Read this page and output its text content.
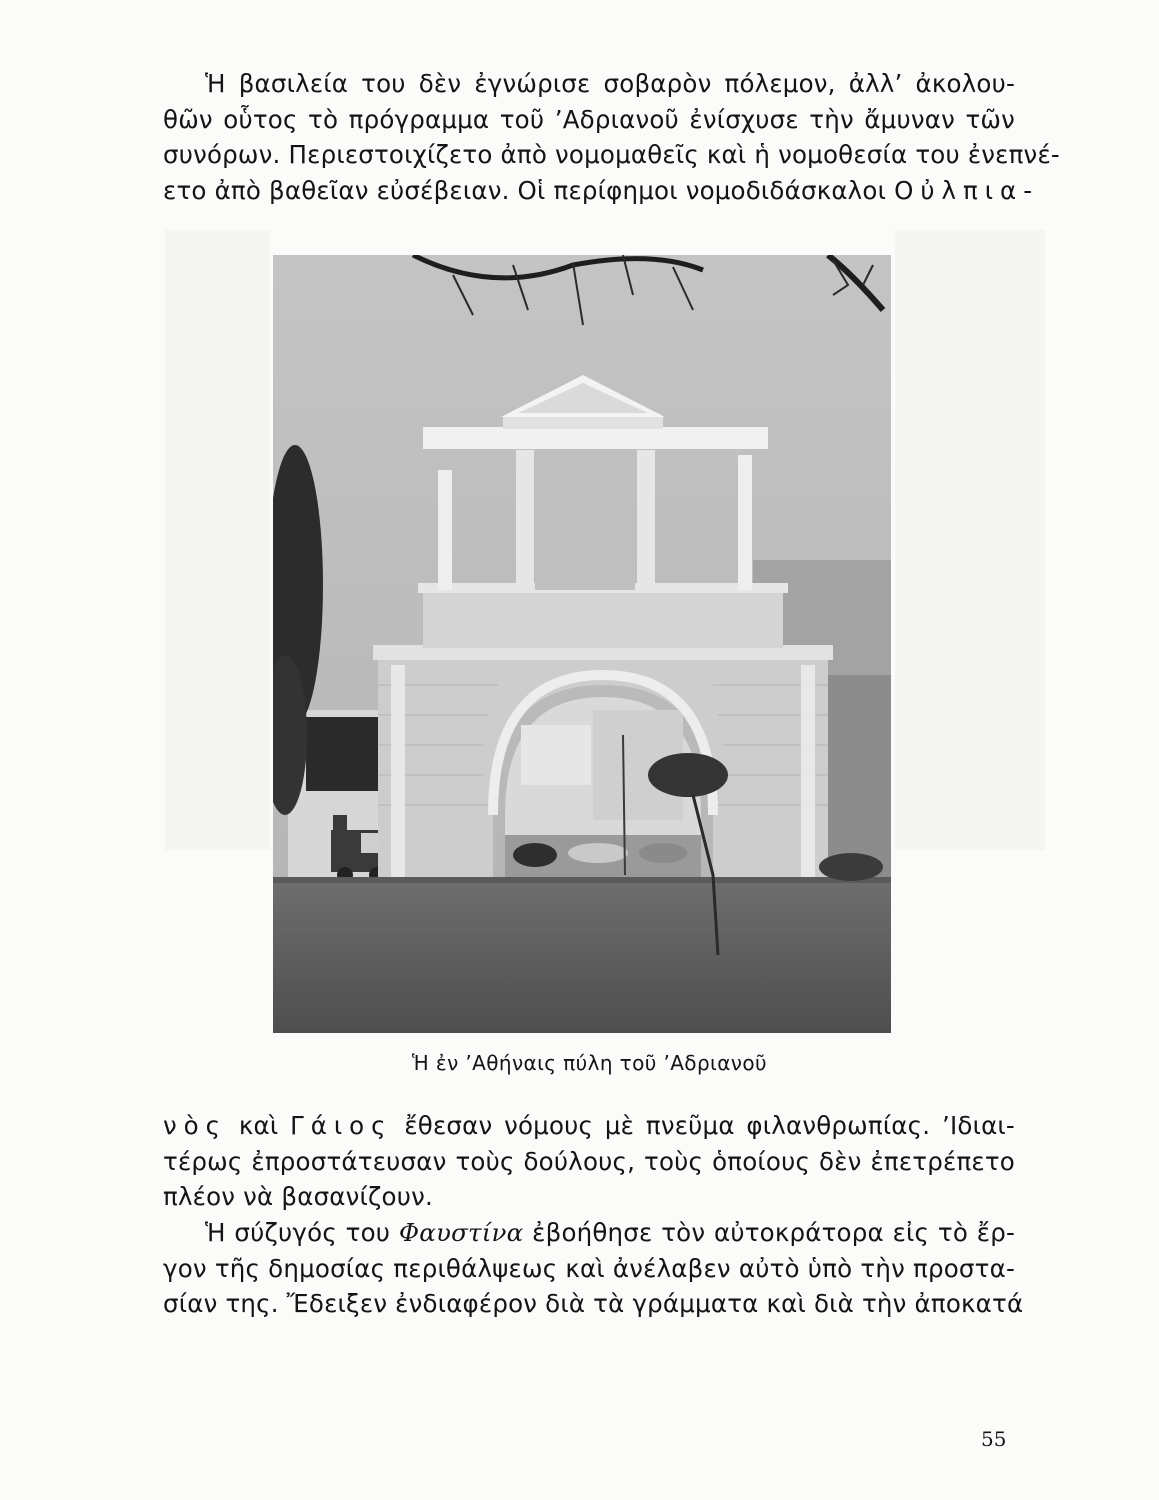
Ἡ βασιλεία του δὲν ἐγνώρισε σοβαρὸν πόλεμον, ἀλλ’ ἀκολου-
θῶν οὗτος τὸ πρόγραμμα τοῦ ’Αδριανοῦ ἐνίσχυσε τὴν ἄμυναν τῶν
συνόρων. Περιεστοιχίζετο ἀπὸ νομομαθεῖς καὶ ἡ νομοθεσία του ἐνεπνέ-
ετο ἀπὸ βαθεῖαν εὐσέβειαν. Οἱ περίφημοι νομοδιδάσκαλοι Οὐλπια-

Ἡ ἐν ’Αθήναις πύλη τοῦ ’Αδριανοῦ

νὸς καὶ Γάιος ἔθεσαν νόμους μὲ πνεῦμα φιλανθρωπίας. ’Ιδιαι-
τέρως ἐπροστάτευσαν τοὺς δούλους, τοὺς ὁποίους δὲν ἐπετρέπετο
πλέον νὰ βασανίζουν.

Ἡ σύζυγός του Φαυστίνα ἐβοήθησε τὸν αὐτοκράτορα εἰς τὸ ἔρ-
γον τῆς δημοσίας περιθάλψεως καὶ ἀνέλαβεν αὐτὸ ὑπὸ τὴν προστα-
σίαν της. Ἔδειξεν ἐνδιαφέρον διὰ τὰ γράμματα καὶ διὰ τὴν ἀποκατά

55
